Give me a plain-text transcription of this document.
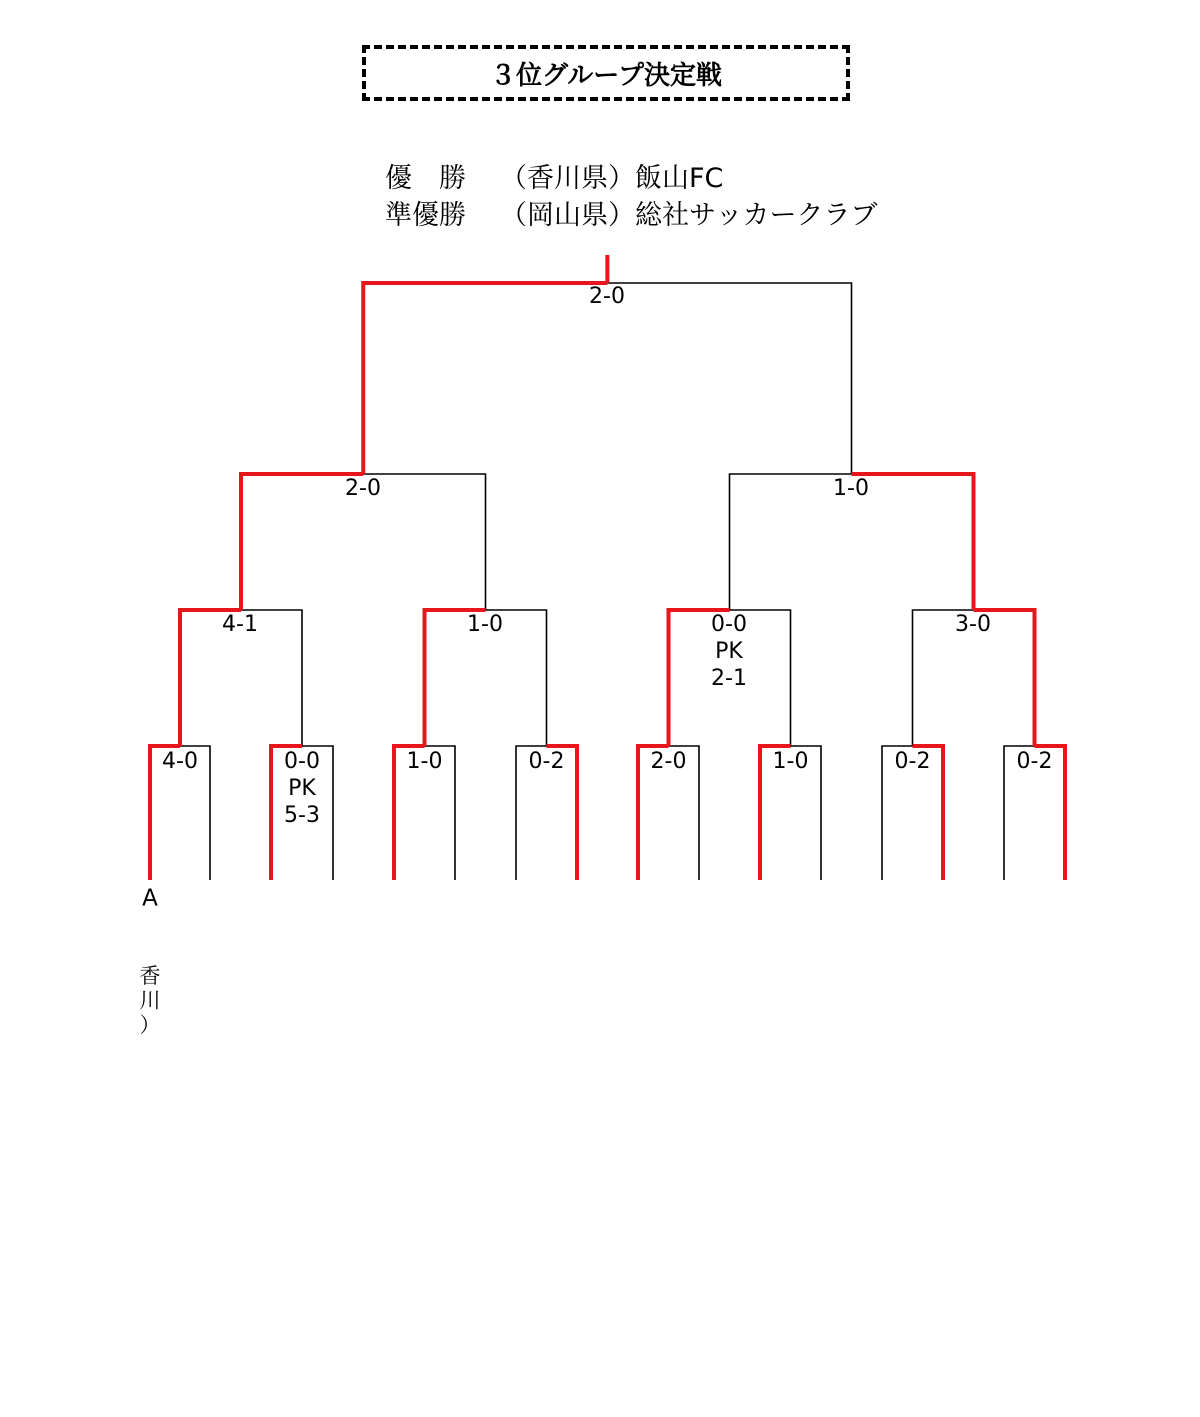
３位グループ決定戦
優　勝 （香川県）飯山FC
準優勝 （岡山県）総社サッカークラブ
4-0	0-0
PK
5-3
1-0	0-2	2-0	1-0	0-2	0-2
4-1	1-0	0-0
PK
2-1
3-0
2-0	1-0
2-0
A
香
川
）
